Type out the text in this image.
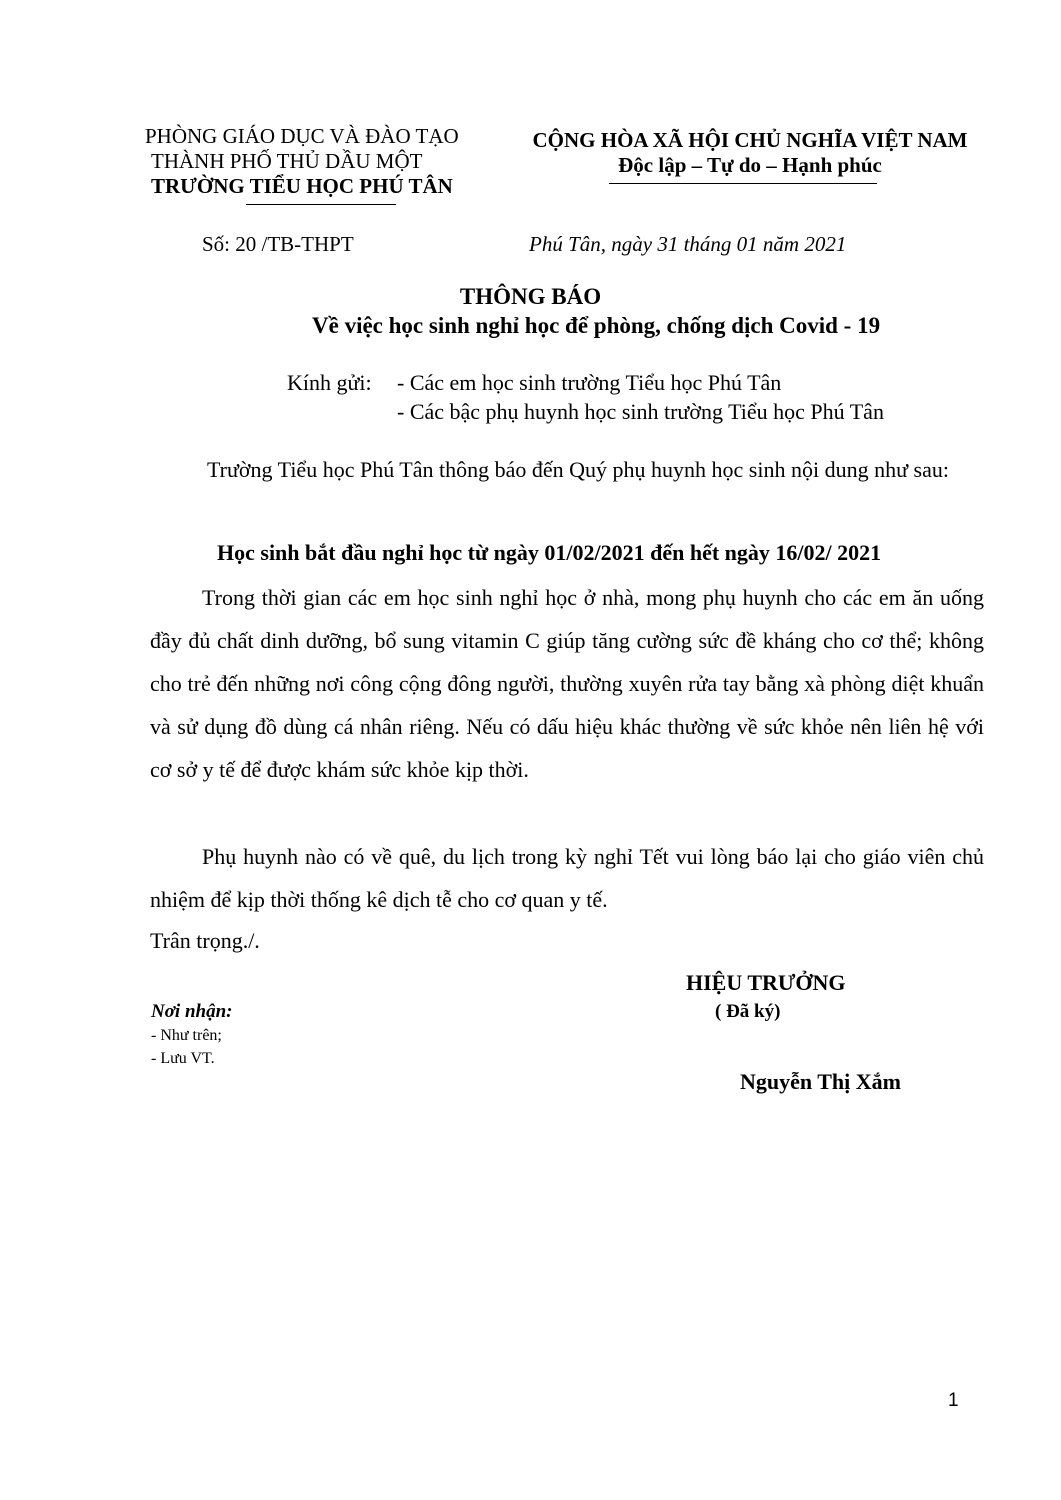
PHÒNG GIÁO DỤC VÀ ĐÀO TẠO
THÀNH PHỐ THỦ DẦU MỘT
TRƯỜNG TIỂU HỌC PHÚ TÂN
CỘNG HÒA XÃ HỘI CHỦ NGHĨA VIỆT NAM
Độc lập – Tự do – Hạnh phúc
Số: 20 /TB-THPT	Phú Tân, ngày 31 tháng 01 năm 2021
THÔNG BÁO
Về việc học sinh nghỉ học để phòng, chống dịch Covid - 19
Kính gửi: - Các em học sinh trường Tiểu học Phú Tân
- Các bậc phụ huynh học sinh trường Tiểu học Phú Tân
Trường Tiểu học Phú Tân thông báo đến Quý phụ huynh học sinh nội dung như sau:
Học sinh bắt đầu nghỉ học từ ngày 01/02/2021 đến hết ngày 16/02/ 2021
Trong thời gian các em học sinh nghỉ học ở nhà, mong phụ huynh cho các em ăn uống đầy đủ chất dinh dưỡng, bổ sung vitamin C giúp tăng cường sức đề kháng cho cơ thể; không cho trẻ đến những nơi công cộng đông người, thường xuyên rửa tay bằng xà phòng diệt khuẩn và sử dụng đồ dùng cá nhân riêng. Nếu có dấu hiệu khác thường về sức khỏe nên liên hệ với cơ sở y tế để được khám sức khỏe kịp thời.
Phụ huynh nào có về quê, du lịch trong kỳ nghỉ Tết vui lòng báo lại cho giáo viên chủ nhiệm để kịp thời thống kê dịch tễ cho cơ quan y tế.
Trân trọng./.
HIỆU TRƯỞNG
( Đã ký)
Nguyễn Thị Xắm
Nơi nhận:
- Như trên;
- Lưu VT.
1
